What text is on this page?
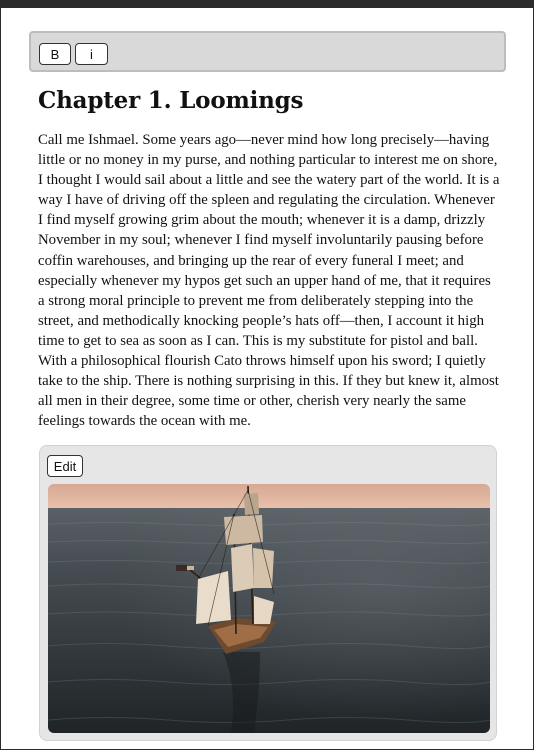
B	i
Chapter 1. Loomings

Call me Ishmael. Some years ago—never mind how long precisely—having little or no money in my purse, and nothing particular to interest me on shore, I thought I would sail about a little and see the watery part of the world. It is a way I have of driving off the spleen and regulating the circulation. Whenever I find myself growing grim about the mouth; whenever it is a damp, drizzly November in my soul; whenever I find myself involuntarily pausing before coffin warehouses, and bringing up the rear of every funeral I meet; and especially whenever my hypos get such an upper hand of me, that it requires a strong moral principle to prevent me from deliberately stepping into the street, and methodically knocking people’s hats off—then, I account it high time to get to sea as soon as I can. This is my substitute for pistol and ball. With a philosophical flourish Cato throws himself upon his sword; I quietly take to the ship. There is nothing surprising in this. If they but knew it, almost all men in their degree, some time or other, cherish very nearly the same feelings towards the ocean with me.

Edit
